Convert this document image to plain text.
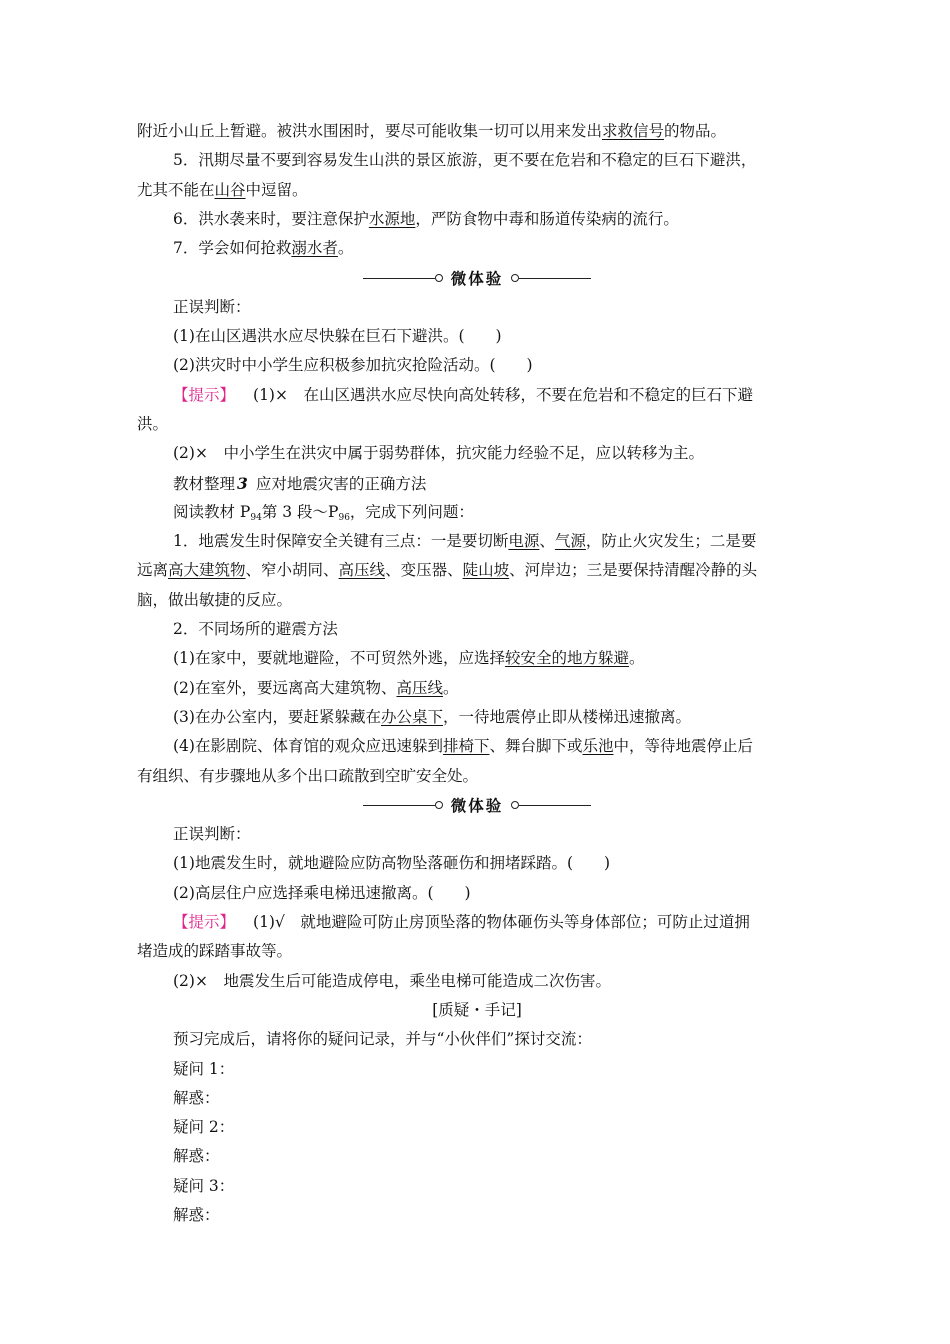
附近小山丘上暂避。被洪水围困时，要尽可能收集一切可以用来发出求救信号的物品。
5．汛期尽量不要到容易发生山洪的景区旅游，更不要在危岩和不稳定的巨石下避洪，
尤其不能在山谷中逗留。
6．洪水袭来时，要注意保护水源地，严防食物中毒和肠道传染病的流行。
7．学会如何抢救溺水者。
微体验
正误判断：
(1)在山区遇洪水应尽快躲在巨石下避洪。(　　)
(2)洪灾时中小学生应积极参加抗灾抢险活动。(　　)
【提示】 (1)×　在山区遇洪水应尽快向高处转移，不要在危岩和不稳定的巨石下避
洪。
(2)×　中小学生在洪灾中属于弱势群体，抗灾能力经验不足，应以转移为主。
教材整理 3 应对地震灾害的正确方法
阅读教材 $P_{94}$第 3 段$\sim P_{96}$，完成下列问题：
1．地震发生时保障安全关键有三点：一是要切断电源、气源，防止火灾发生；二是要
远离高大建筑物、窄小胡同、高压线、变压器、陡山坡、河岸边；三是要保持清醒冷静的头
脑，做出敏捷的反应。
2．不同场所的避震方法
(1)在家中，要就地避险，不可贸然外逃，应选择较安全的地方躲避。
(2)在室外，要远离高大建筑物、高压线。
(3)在办公室内，要赶紧躲藏在办公桌下，一待地震停止即从楼梯迅速撤离。
(4)在影剧院、体育馆的观众应迅速躲到排椅下、舞台脚下或乐池中，等待地震停止后
有组织、有步骤地从多个出口疏散到空旷安全处。
微体验
正误判断：
(1)地震发生时，就地避险应防高物坠落砸伤和拥堵踩踏。(　　)
(2)高层住户应选择乘电梯迅速撤离。(　　)
【提示】 (1)√　就地避险可防止房顶坠落的物体砸伤头等身体部位；可防止过道拥
堵造成的踩踏事故等。
(2)×　地震发生后可能造成停电，乘坐电梯可能造成二次伤害。
[质疑・手记]
预习完成后，请将你的疑问记录，并与“小伙伴们”探讨交流：
疑问 1：
解惑：
疑问 2：
解惑：
疑问 3：
解惑：
